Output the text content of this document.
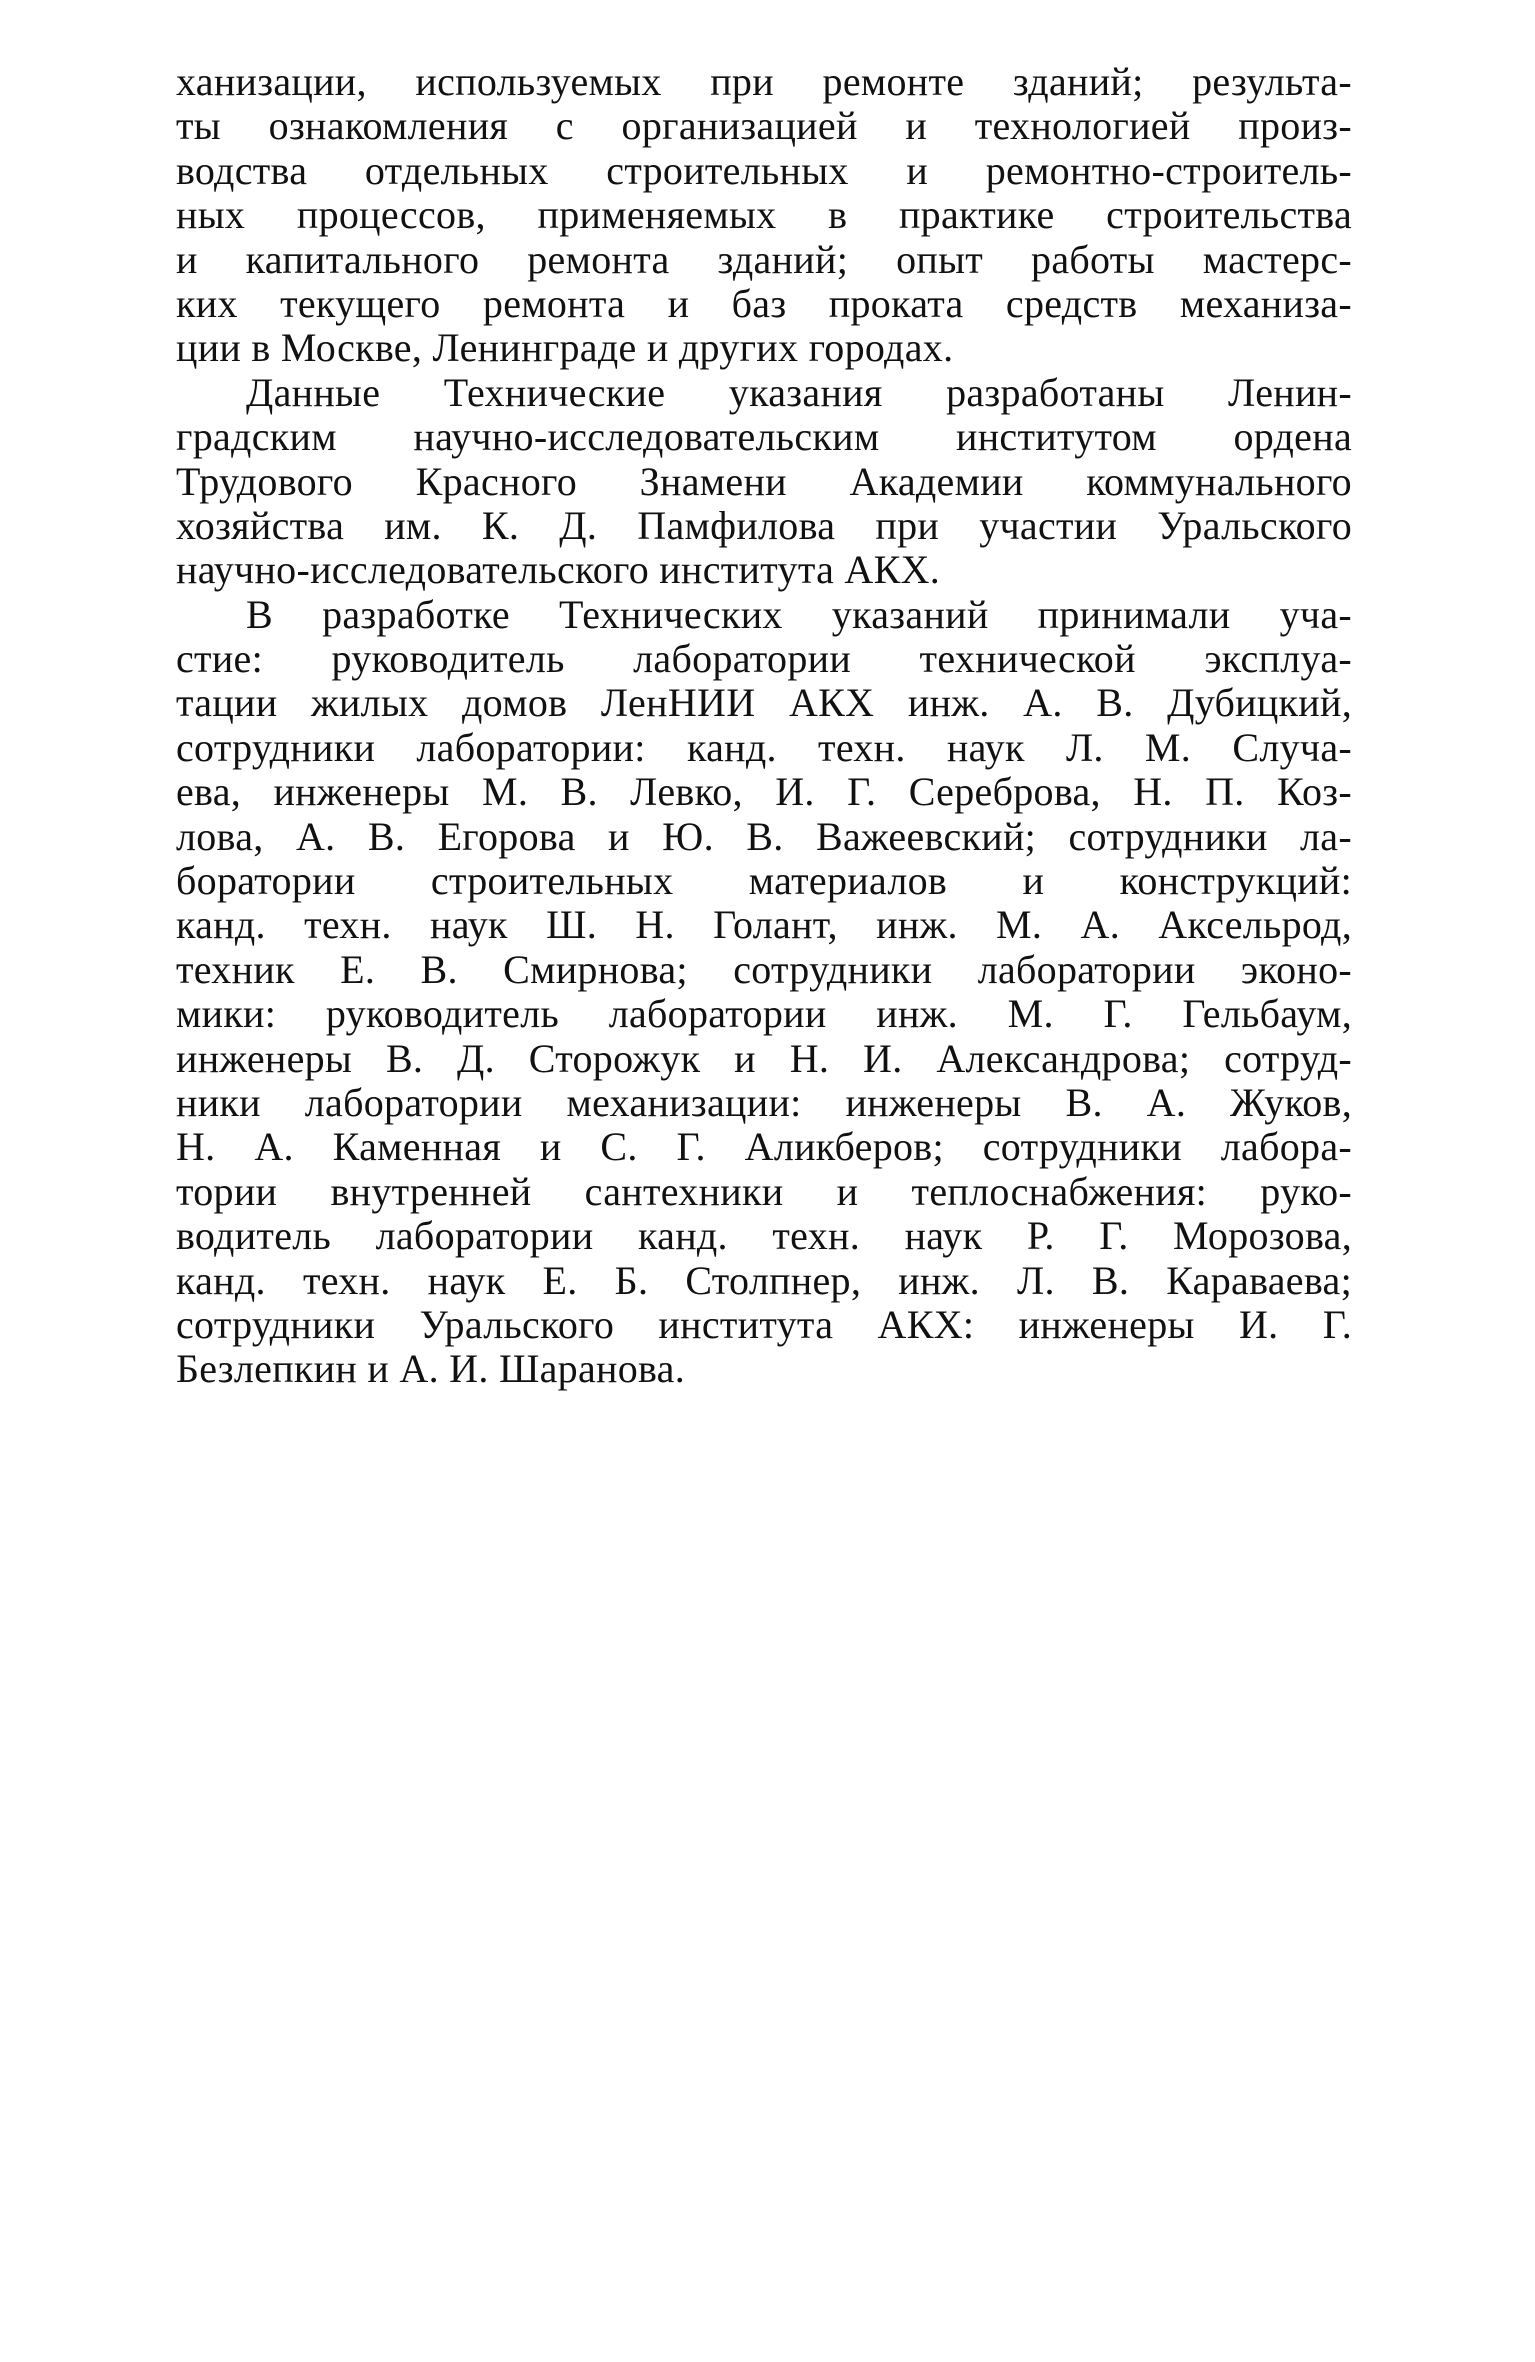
ханизации, используемых при ремонте зданий; результа-
ты ознакомления с организацией и технологией произ-
водства отдельных строительных и ремонтно-строитель-
ных процессов, применяемых в практике строительства
и капитального ремонта зданий; опыт работы мастерс-
ких текущего ремонта и баз проката средств механиза-
ции в Москве, Ленинграде и других городах.
Данные Технические указания разработаны Ленин-
градским научно-исследовательским институтом ордена
Трудового Красного Знамени Академии коммунального
хозяйства им. К. Д. Памфилова при участии Уральского
научно-исследовательского института АКХ.
В разработке Технических указаний принимали уча-
стие: руководитель лаборатории технической эксплуа-
тации жилых домов ЛенНИИ АКХ инж. А. В. Дубицкий,
сотрудники лаборатории: канд. техн. наук Л. М. Случа-
ева, инженеры М. В. Левко, И. Г. Сереброва, Н. П. Коз-
лова, А. В. Егорова и Ю. В. Важеевский; сотрудники ла-
боратории строительных материалов и конструкций:
канд. техн. наук Ш. Н. Голант, инж. М. А. Аксельрод,
техник Е. В. Смирнова; сотрудники лаборатории эконо-
мики: руководитель лаборатории инж. М. Г. Гельбаум,
инженеры В. Д. Сторожук и Н. И. Александрова; сотруд-
ники лаборатории механизации: инженеры В. А. Жуков,
Н. А. Каменная и С. Г. Аликберов; сотрудники лабора-
тории внутренней сантехники и теплоснабжения: руко-
водитель лаборатории канд. техн. наук Р. Г. Морозова,
канд. техн. наук Е. Б. Столпнер, инж. Л. В. Караваева;
сотрудники Уральского института АКХ: инженеры И. Г.
Безлепкин и А. И. Шаранова.
